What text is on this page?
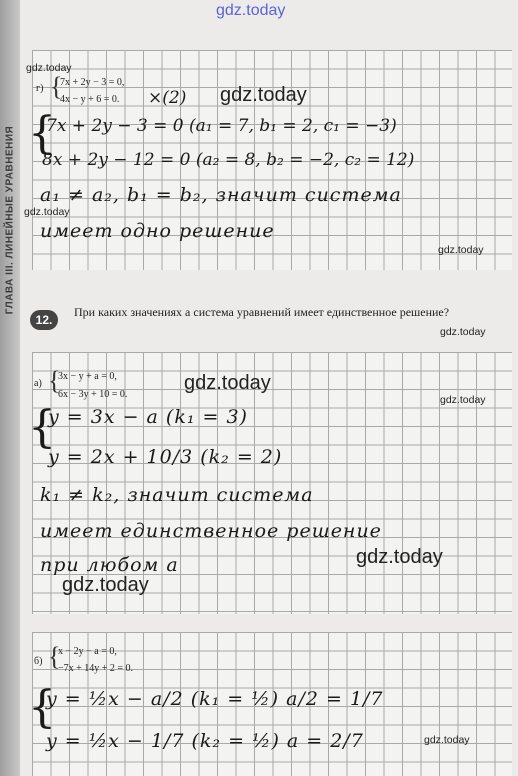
ГЛАВА III. ЛИНЕЙНЫЕ УРАВНЕНИЯ
gdz.today
gdz.today
г) {
7x + 2y − 3 = 0,
4x − y + 6 = 0. ×(2) gdz.today
{
7x + 2y − 3 = 0 (a₁ = 7, b₁ = 2, c₁ = −3)
8x + 2y − 12 = 0 (a₂ = 8, b₂ = −2, c₂ = 12)
a₁ ≠ a₂, b₁ = b₂, значит система
gdz.today
имеет одно решение
gdz.today
12.
При каких значениях a система уравнений имеет единственное решение?
gdz.today
а) {
3x − y + a = 0,
6x − 3y + 10 = 0.
gdz.today
gdz.today
{
y = 3x − a (k₁ = 3)
y = 2x + 10/3 (k₂ = 2)
k₁ ≠ k₂, значит система
имеет единственное решение
при любом a	gdz.today
gdz.today
б) {
x − 2y − a = 0,
−7x + 14y + 2 = 0.
{
y = ½x − a/2 (k₁ = ½) a/2 = 1/7
y = ½x − 1/7 (k₂ = ½) a = 2/7	gdz.today
